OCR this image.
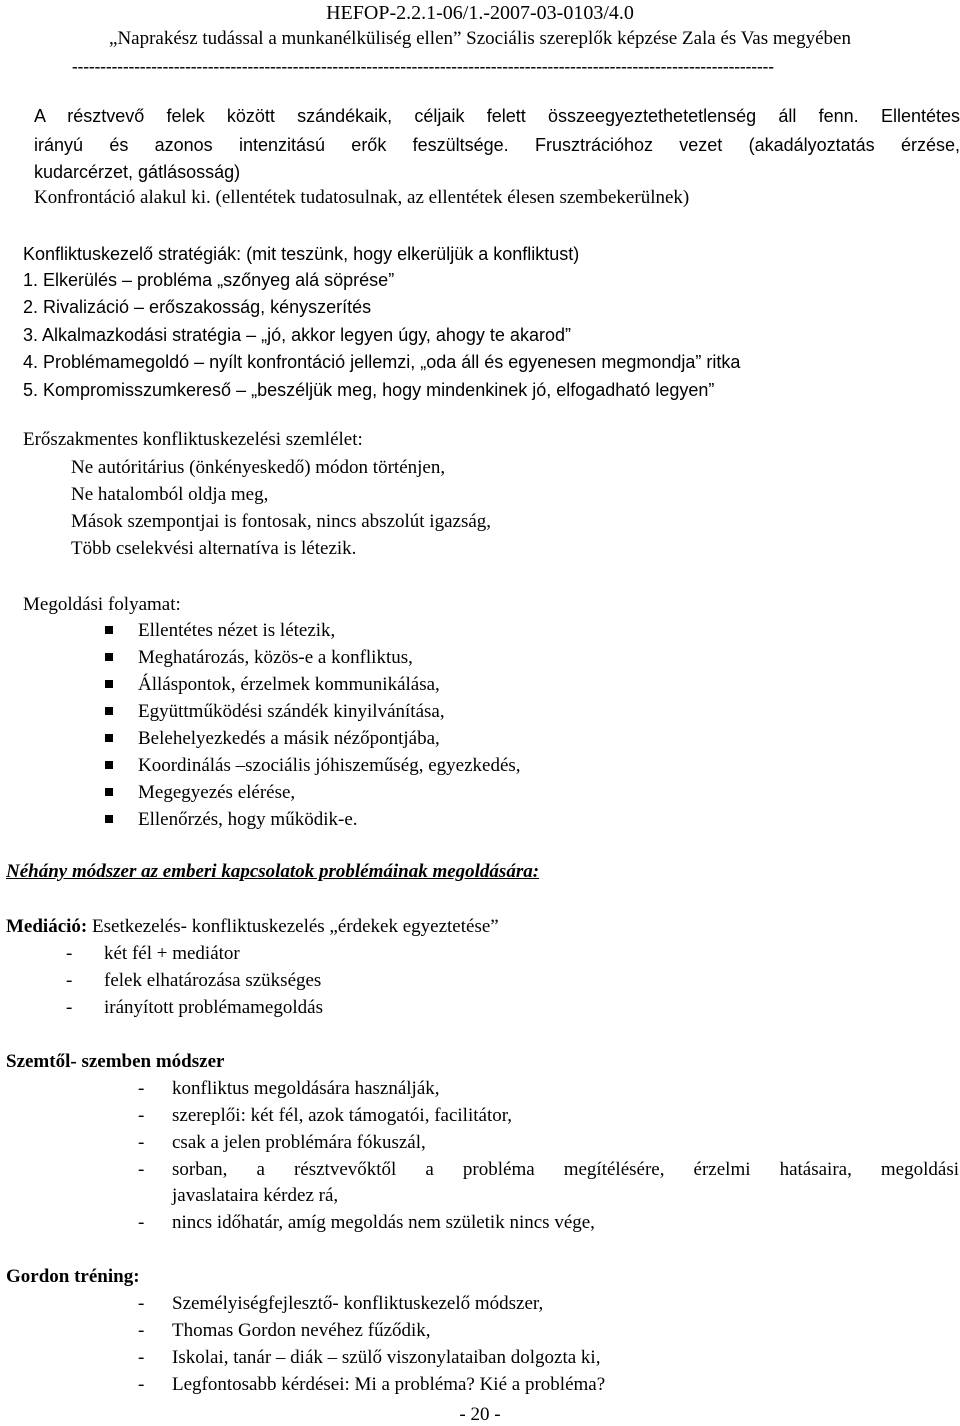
HEFOP-2.2.1-06/1.-2007-03-0103/4.0
„Naprakész tudással a munkanélküliség ellen” Szociális szereplők képzése Zala és Vas megyében
----------------------------------------------------------------------------------------------------------------------------
A résztvevő felek között szándékaik, céljaik felett összeegyeztethetetlenség áll fenn. Ellentétes
irányú és azonos intenzitású erők feszültsége. Frusztrációhoz vezet (akadályoztatás érzése,
kudarcérzet, gátlásosság)
Konfrontáció alakul ki. (ellentétek tudatosulnak, az ellentétek élesen szembekerülnek)
Konfliktuskezelő stratégiák: (mit teszünk, hogy elkerüljük a konfliktust)
1. Elkerülés – probléma „szőnyeg alá söprése”
2. Rivalizáció – erőszakosság, kényszerítés
3. Alkalmazkodási stratégia – „jó, akkor legyen úgy, ahogy te akarod”
4. Problémamegoldó – nyílt konfrontáció jellemzi, „oda áll és egyenesen megmondja” ritka
5. Kompromisszumkereső – „beszéljük meg, hogy mindenkinek jó, elfogadható legyen”
Erőszakmentes konfliktuskezelési szemlélet:
Ne autóritárius (önkényeskedő) módon történjen,
Ne hatalomból oldja meg,
Mások szempontjai is fontosak, nincs abszolút igazság,
Több cselekvési alternatíva is létezik.
Megoldási folyamat:
Ellentétes nézet is létezik,
Meghatározás, közös-e a konfliktus,
Álláspontok, érzelmek kommunikálása,
Együttműködési szándék kinyilvánítása,
Belehelyezkedés a másik nézőpontjába,
Koordinálás –szociális jóhiszeműség, egyezkedés,
Megegyezés elérése,
Ellenőrzés, hogy működik-e.
Néhány módszer az emberi kapcsolatok problémáinak megoldására:
Mediáció: Esetkezelés- konfliktuskezelés „érdekek egyeztetése”
- két fél + mediátor
- felek elhatározása szükséges
- irányított problémamegoldás
Szemtől- szemben módszer
- konfliktus megoldására használják,
- szereplői: két fél, azok támogatói, facilitátor,
- csak a jelen problémára fókuszál,
- sorban, a résztvevőktől a probléma megítélésére, érzelmi hatásaira, megoldási
javaslataira kérdez rá,
- nincs időhatár, amíg megoldás nem születik nincs vége,
Gordon tréning:
- Személyiségfejlesztő- konfliktuskezelő módszer,
- Thomas Gordon nevéhez fűződik,
- Iskolai, tanár – diák – szülő viszonylataiban dolgozta ki,
- Legfontosabb kérdései: Mi a probléma? Kié a probléma?
- 20 -
